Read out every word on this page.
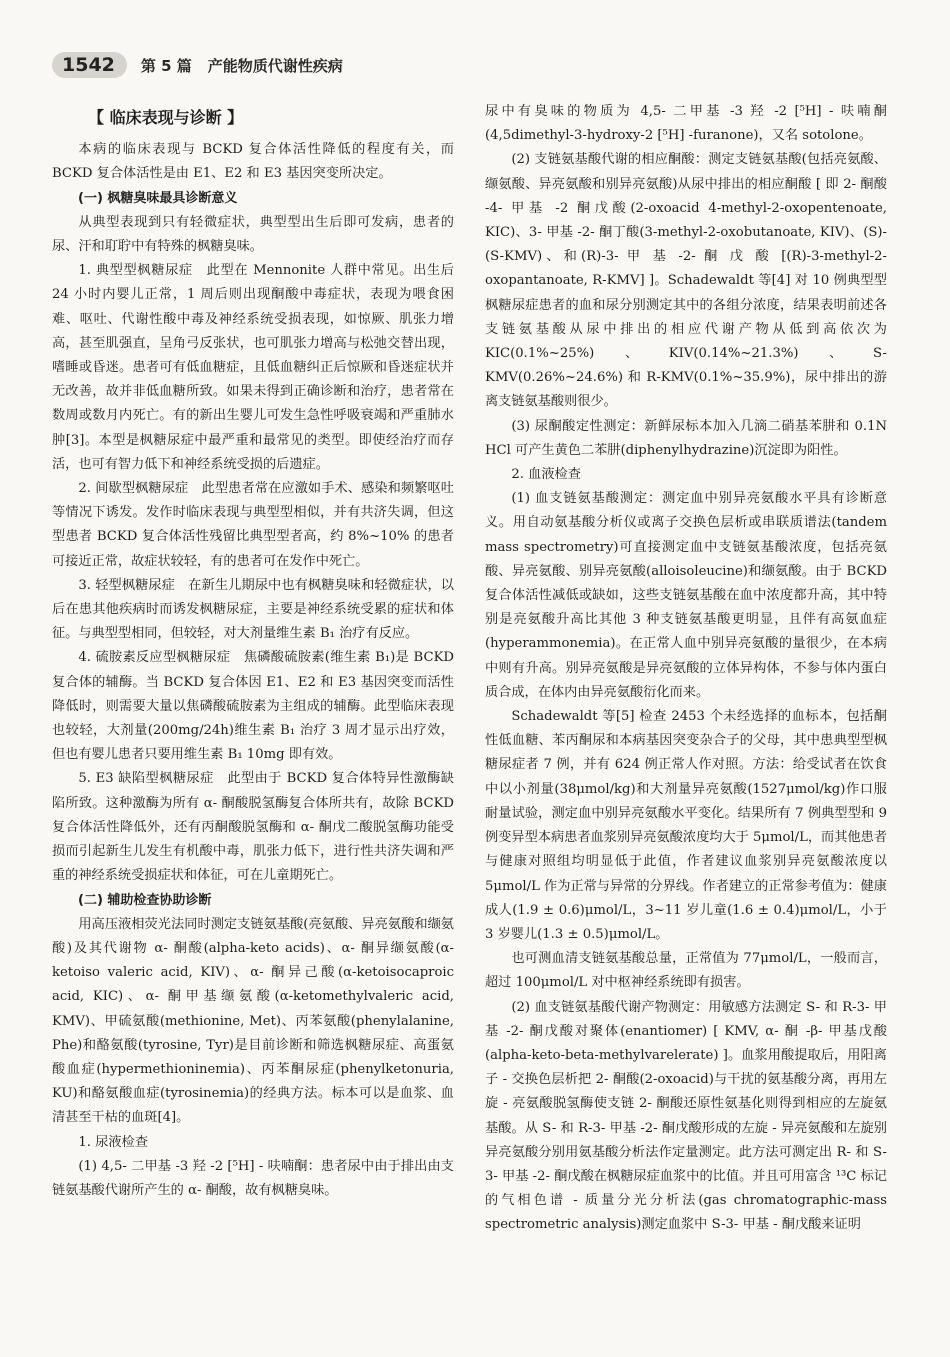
1542	第 5 篇 产能物质代谢性疾病

【 临床表现与诊断 】

本病的临床表现与 BCKD 复合体活性降低的程度有关，而 BCKD 复合体活性是由 E1、E2 和 E3 基因突变所决定。

(一) 枫糖臭味最具诊断意义

从典型表现到只有轻微症状，典型型出生后即可发病，患者的尿、汗和耵聍中有特殊的枫糖臭味。

1. 典型型枫糖尿症　此型在 Mennonite 人群中常见。出生后 24 小时内婴儿正常，1 周后则出现酮酸中毒症状，表现为喂食困难、呕吐、代谢性酸中毒及神经系统受损表现，如惊厥、肌张力增高，甚至肌强直，呈角弓反张状，也可肌张力增高与松弛交替出现，嗜睡或昏迷。患者可有低血糖症，且低血糖纠正后惊厥和昏迷症状并无改善，故并非低血糖所致。如果未得到正确诊断和治疗，患者常在数周或数月内死亡。有的新出生婴儿可发生急性呼吸衰竭和严重肺水肿[3]。本型是枫糖尿症中最严重和最常见的类型。即使经治疗而存活，也可有智力低下和神经系统受损的后遗症。

2. 间歇型枫糖尿症　此型患者常在应激如手术、感染和频繁呕吐等情况下诱发。发作时临床表现与典型型相似，并有共济失调，但这型患者 BCKD 复合体活性残留比典型型者高，约 8%~10% 的患者可接近正常，故症状较轻，有的患者可在发作中死亡。

3. 轻型枫糖尿症　在新生儿期尿中也有枫糖臭味和轻微症状，以后在患其他疾病时而诱发枫糖尿症，主要是神经系统受累的症状和体征。与典型型相同，但较轻，对大剂量维生素 B₁ 治疗有反应。

4. 硫胺素反应型枫糖尿症　焦磷酸硫胺素(维生素 B₁)是 BCKD 复合体的辅酶。当 BCKD 复合体因 E1、E2 和 E3 基因突变而活性降低时，则需要大量以焦磷酸硫胺素为主组成的辅酶。此型临床表现也较轻，大剂量(200mg/24h)维生素 B₁ 治疗 3 周才显示出疗效，但也有婴儿患者只要用维生素 B₁ 10mg 即有效。

5. E3 缺陷型枫糖尿症　此型由于 BCKD 复合体特异性激酶缺陷所致。这种激酶为所有 α- 酮酸脱氢酶复合体所共有，故除 BCKD 复合体活性降低外，还有丙酮酸脱氢酶和 α- 酮戊二酸脱氢酶功能受损而引起新生儿发生有机酸中毒，肌张力低下，进行性共济失调和严重的神经系统受损症状和体征，可在儿童期死亡。

(二) 辅助检查协助诊断

用高压液相荧光法同时测定支链氨基酸(亮氨酸、异亮氨酸和缬氨酸)及其代谢物 α- 酮酸(alpha-keto acids)、α- 酮异缬氨酸(α-ketoiso valeric acid, KIV)、α- 酮异己酸(α-ketoisocaproic acid, KIC)、α- 酮甲基缬氨酸(α-ketomethylvaleric acid, KMV)、甲硫氨酸(methionine, Met)、丙苯氨酸(phenylalanine, Phe)和酪氨酸(tyrosine, Tyr)是目前诊断和筛选枫糖尿症、高蛋氨酸血症(hypermethioninemia)、丙苯酮尿症(phenylketonuria, KU)和酪氨酸血症(tyrosinemia)的经典方法。标本可以是血浆、血清甚至干枯的血斑[4]。

1. 尿液检查

(1) 4,5- 二甲基 -3 羟 -2 [⁵H] - 呋喃酮：患者尿中由于排出由支链氨基酸代谢所产生的 α- 酮酸，故有枫糖臭味。

尿中有臭味的物质为 4,5- 二甲基 -3 羟 -2 [⁵H] - 呋喃酮(4,5dimethyl-3-hydroxy-2 [⁵H] -furanone)，又名 sotolone。

(2) 支链氨基酸代谢的相应酮酸：测定支链氨基酸(包括亮氨酸、缬氨酸、异亮氨酸和别异亮氨酸)从尿中排出的相应酮酸 [ 即 2- 酮酸 -4- 甲基 -2 酮戊酸(2-oxoacid 4-methyl-2-oxopentenoate, KIC)、3- 甲基 -2- 酮丁酸(3-methyl-2-oxobutanoate, KIV)、(S)-(S-KMV)、和(R)-3- 甲 基 -2- 酮 戊 酸 [(R)-3-methyl-2-oxopantanoate, R-KMV] ]。Schadewaldt 等[4] 对 10 例典型型枫糖尿症患者的血和尿分别测定其中的各组分浓度，结果表明前述各支链氨基酸从尿中排出的相应代谢产物从低到高依次为 KIC(0.1%~25%)、KIV(0.14%~21.3%)、S-KMV(0.26%~24.6%) 和 R-KMV(0.1%~35.9%)，尿中排出的游离支链氨基酸则很少。

(3) 尿酮酸定性测定：新鲜尿标本加入几滴二硝基苯肼和 0.1N HCl 可产生黄色二苯肼(diphenylhydrazine)沉淀即为阳性。

2. 血液检查

(1) 血支链氨基酸测定：测定血中别异亮氨酸水平具有诊断意义。用自动氨基酸分析仪或离子交换色层析或串联质谱法(tandem mass spectrometry)可直接测定血中支链氨基酸浓度，包括亮氨酸、异亮氨酸、别异亮氨酸(alloisoleucine)和缬氨酸。由于 BCKD 复合体活性减低或缺如，这些支链氨基酸在血中浓度都升高，其中特别是亮氨酸升高比其他 3 种支链氨基酸更明显，且伴有高氨血症(hyperammonemia)。在正常人血中别异亮氨酸的量很少，在本病中则有升高。别异亮氨酸是异亮氨酸的立体异构体，不参与体内蛋白质合成，在体内由异亮氨酸衍化而来。

Schadewaldt 等[5] 检查 2453 个未经选择的血标本，包括酮性低血糖、苯丙酮尿和本病基因突变杂合子的父母，其中患典型型枫糖尿症者 7 例，并有 624 例正常人作对照。方法：给受试者在饮食中以小剂量(38μmol/kg)和大剂量异亮氨酸(1527μmol/kg)作口服耐量试验，测定血中别异亮氨酸水平变化。结果所有 7 例典型型和 9 例变异型本病患者血浆别异亮氨酸浓度均大于 5μmol/L，而其他患者与健康对照组均明显低于此值，作者建议血浆别异亮氨酸浓度以 5μmol/L 作为正常与异常的分界线。作者建立的正常参考值为：健康成人(1.9 ± 0.6)μmol/L，3~11 岁儿童(1.6 ± 0.4)μmol/L，小于 3 岁婴儿(1.3 ± 0.5)μmol/L。

也可测血清支链氨基酸总量，正常值为 77μmol/L，一般而言，超过 100μmol/L 对中枢神经系统即有损害。

(2) 血支链氨基酸代谢产物测定：用敏感方法测定 S- 和 R-3- 甲基 -2- 酮戊酸对聚体(enantiomer) [ KMV, α- 酮 -β- 甲基戊酸(alpha-keto-beta-methylvarelerate) ]。血浆用酸提取后，用阳离子 - 交换色层析把 2- 酮酸(2-oxoacid)与干扰的氨基酸分离，再用左旋 - 亮氨酸脱氢酶使支链 2- 酮酸还原性氨基化则得到相应的左旋氨基酸。从 S- 和 R-3- 甲基 -2- 酮戊酸形成的左旋 - 异亮氨酸和左旋别异亮氨酸分别用氨基酸分析法作定量测定。此方法可测定出 R- 和 S-3- 甲基 -2- 酮戊酸在枫糖尿症血浆中的比值。并且可用富含 ¹³C 标记的气相色谱 - 质量分光分析法(gas chromatographic-mass spectrometric analysis)测定血浆中 S-3- 甲基 - 酮戊酸来证明
